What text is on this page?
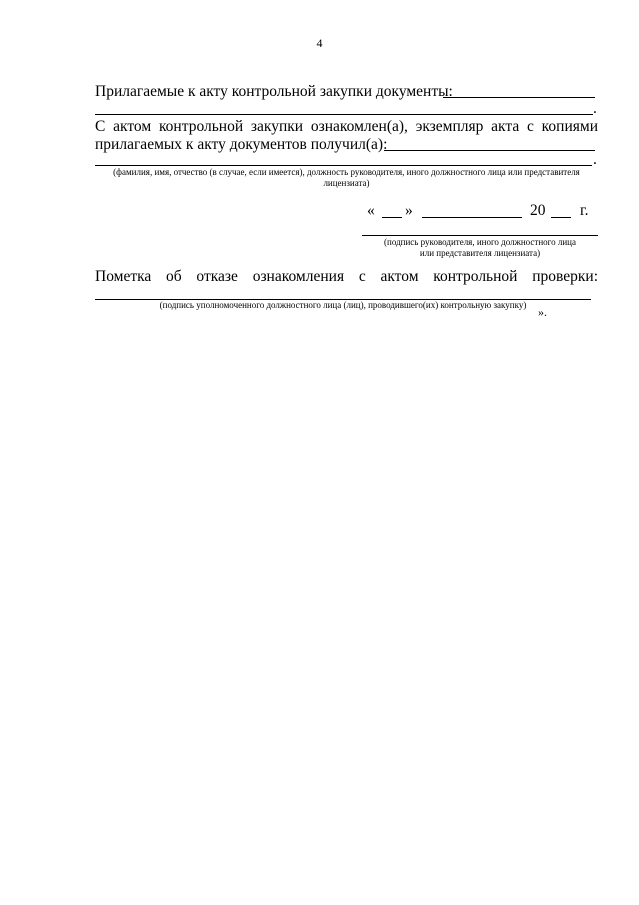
4
Прилагаемые к акту контрольной закупки документы:
.
С актом контрольной закупки ознакомлен(а), экземпляр акта с копиями
прилагаемых к акту документов получил(а):
.
(фамилия, имя, отчество (в случае, если имеется), должность руководителя, иного должностного лица или представителя
лицензиата)
« »	20 г.
(подпись руководителя, иного должностного лица
или представителя лицензиата)
Пометка об отказе ознакомления с актом контрольной проверки:
(подпись уполномоченного должностного лица (лиц), проводившего(их) контрольную закупку) ».
